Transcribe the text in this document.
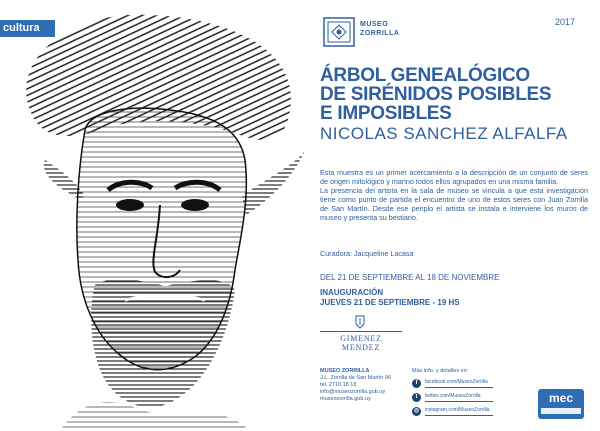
cultura	MUSEO
ZORRILLA
2017
ÁRBOL GENEALÓGICO
DE SIRÉNIDOS POSIBLES
E IMPOSIBLES
NICOLAS SANCHEZ ALFALFA
Esta muestra es un primer acercamiento a la descripción de un conjunto de seres de origen mitológico y marino todos ellos agrupados en una misma familia.
La presencia del artista en la sala de museo se vincula a que esta investigación tiene como punto de partida el encuentro de uno de estos seres con Juan Zorrilla de San Martín. Desde ese periplo el artista se instala e interviene los muros de museo y presenta su bestiario.
Curadora: Jacqueline Lacasa
DEL 21 DE SEPTIEMBRE AL 18 DE NOVIEMBRE
INAUGURACIÓN
JUEVES 21 DE SEPTIEMBRE - 19 HS
GIMENEZ MENDEZ
MUSEO ZORRILLA
J.L. Zorrilla de San Martín 96
tel. 2710 18 18
info@museozorrilla.gub.uy
museozorrilla.gub.uy
Más info. y detalles en:
f facebook.com/MuseoZorrilla
t twitter.com/MuseoZorrilla
◎ instagram.com/MuseoZorrilla
mec
